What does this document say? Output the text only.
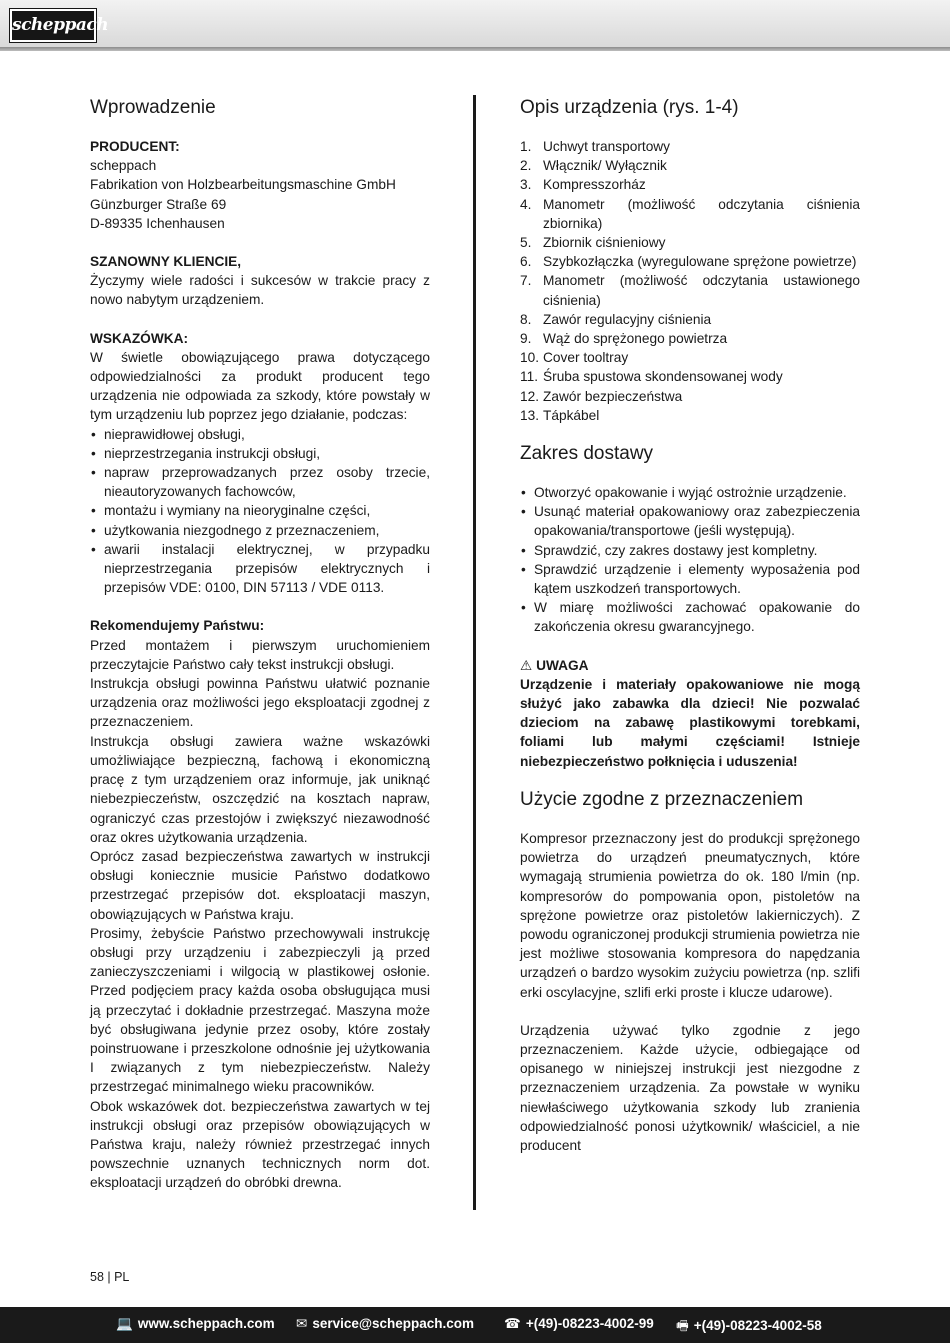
scheppach
Wprowadzenie
PRODUCENT:
scheppach
Fabrikation von Holzbearbeitungsmaschine GmbH
Günzburger Straße 69
D-89335 Ichenhausen
SZANOWNY KLIENCIE,

Życzymy wiele radości i sukcesów w trakcie pracy z nowo nabytym urządzeniem.

WSKAZÓWKA:

W świetle obowiązującego prawa dotyczącego odpowiedzialności za produkt producent tego urządzenia nie odpowiada za szkody, które powstały w tym urządzeniu lub poprzez jego działanie, podczas:

• nieprawidłowej obsługi,
• nieprzestrzegania instrukcji obsługi,
• napraw przeprowadzanych przez osoby trzecie, nieautoryzowanych fachowców,
• montażu i wymiany na nieoryginalne części,
• użytkowania niezgodnego z przeznaczeniem,
• awarii instalacji elektrycznej, w przypadku nieprzestrzegania przepisów elektrycznych i przepisów VDE: 0100, DIN 57113 / VDE 0113.
Rekomendujemy Państwu:

Przed montażem i pierwszym uruchomieniem przeczytajcie Państwo cały tekst instrukcji obsługi.

Instrukcja obsługi powinna Państwu ułatwić poznanie urządzenia oraz możliwości jego eksploatacji zgodnej z przeznaczeniem.

Instrukcja obsługi zawiera ważne wskazówki umożliwiające bezpieczną, fachową i ekonomiczną pracę z tym urządzeniem oraz informuje, jak uniknąć niebezpieczeństw, oszczędzić na kosztach napraw, ograniczyć czas przestojów i zwiększyć niezawodność oraz okres użytkowania urządzenia.

Oprócz zasad bezpieczeństwa zawartych w instrukcji obsługi koniecznie musicie Państwo dodatkowo przestrzegać przepisów dot. eksploatacji maszyn, obowiązujących w Państwa kraju.

Prosimy, żebyście Państwo przechowywali instrukcję obsługi przy urządzeniu i zabezpieczyli ją przed zanieczyszczeniami i wilgocią w plastikowej osłonie. Przed podjęciem pracy każda osoba obsługująca musi ją przeczytać i dokładnie przestrzegać. Maszyna może być obsługiwana jedynie przez osoby, które zostały poinstruowane i przeszkolone odnośnie jej użytkowania I związanych z tym niebezpieczeństw. Należy przestrzegać minimalnego wieku pracowników.

Obok wskazówek dot. bezpieczeństwa zawartych w tej instrukcji obsługi oraz przepisów obowiązujących w Państwa kraju, należy również przestrzegać innych powszechnie uznanych technicznych norm dot. eksploatacji urządzeń do obróbki drewna.

Opis urządzenia (rys. 1-4)
1. Uchwyt transportowy
2. Włącznik/ Wyłącznik
3. Kompresszorház
4. Manometr (możliwość odczytania ciśnienia zbiornika)
5. Zbiornik ciśnieniowy
6. Szybkozłączka (wyregulowane sprężone powietrze)
7. Manometr (możliwość odczytania ustawionego ciśnienia)
8. Zawór regulacyjny ciśnienia
9. Wąż do sprężonego powietrza
10. Cover tooltray
11. Śruba spustowa skondensowanej wody
12. Zawór bezpieczeństwa
13. Tápkábel
Zakres dostawy
• Otworzyć opakowanie i wyjąć ostrożnie urządzenie.
• Usunąć materiał opakowaniowy oraz zabezpieczenia opakowania/transportowe (jeśli występują).
• Sprawdzić, czy zakres dostawy jest kompletny.
• Sprawdzić urządzenie i elementy wyposażenia pod kątem uszkodzeń transportowych.
• W miarę możliwości zachować opakowanie do zakończenia okresu gwarancyjnego.
⚠ UWAGA

Urządzenie i materiały opakowaniowe nie mogą służyć jako zabawka dla dzieci! Nie pozwalać dzieciom na zabawę plastikowymi torebkami, foliami lub małymi częściami! Istnieje niebezpieczeństwo połknięcia i uduszenia!

Użycie zgodne z przeznaczeniem

Kompresor przeznaczony jest do produkcji sprężonego powietrza do urządzeń pneumatycznych, które wymagają strumienia powietrza do ok. 180 l/min (np. kompresorów do pompowania opon, pistoletów na sprężone powietrze oraz pistoletów lakierniczych). Z powodu ograniczonej produkcji strumienia powietrza nie jest możliwe stosowania kompresora do napędzania urządzeń o bardzo wysokim zużyciu powietrza (np. szlifi erki oscylacyjne, szlifi erki proste i klucze udarowe).

Urządzenia używać tylko zgodnie z jego przeznaczeniem. Każde użycie, odbiegające od opisanego w niniejszej instrukcji jest niezgodne z przeznaczeniem urządzenia. Za powstałe w wyniku niewłaściwego użytkowania szkody lub zranienia odpowiedzialność ponosi użytkownik/ właściciel, a nie producent

58 | PL
💻 www.scheppach.com ✉ service@scheppach.com ☎ +(49)-08223-4002-99 🖷 +(49)-08223-4002-58
